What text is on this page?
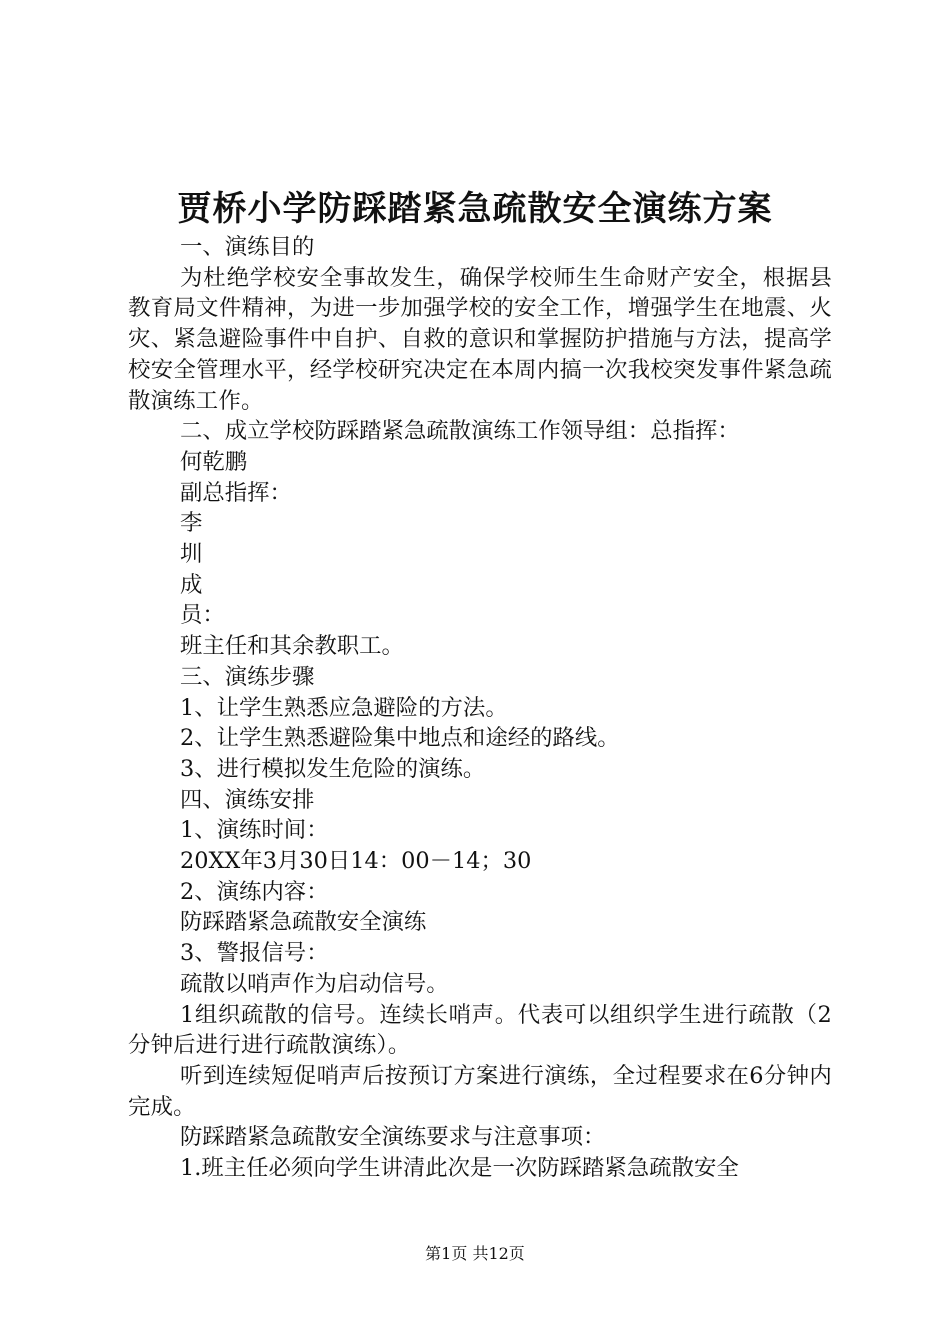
贾桥小学防踩踏紧急疏散安全演练方案

一、演练目的

为杜绝学校安全事故发生，确保学校师生生命财产安全，根据县教育局文件精神，为进一步加强学校的安全工作，增强学生在地震、火灾、紧急避险事件中自护、自救的意识和掌握防护措施与方法，提高学校安全管理水平，经学校研究决定在本周内搞一次我校突发事件紧急疏散演练工作。

二、成立学校防踩踏紧急疏散演练工作领导组：总指挥：

何乾鹏

副总指挥：

李

圳

成

员：

班主任和其余教职工。

三、演练步骤

1、让学生熟悉应急避险的方法。

2、让学生熟悉避险集中地点和途经的路线。

3、进行模拟发生危险的演练。

四、演练安排

1、演练时间：

20XX年3月30日14：00－14；30

2、演练内容：

防踩踏紧急疏散安全演练

3、警报信号：

疏散以哨声作为启动信号。

1组织疏散的信号。连续长哨声。代表可以组织学生进行疏散（2分钟后进行进行疏散演练）。

听到连续短促哨声后按预订方案进行演练，全过程要求在6分钟内完成。

防踩踏紧急疏散安全演练要求与注意事项：

1.班主任必须向学生讲清此次是一次防踩踏紧急疏散安全

第1页 共12页
